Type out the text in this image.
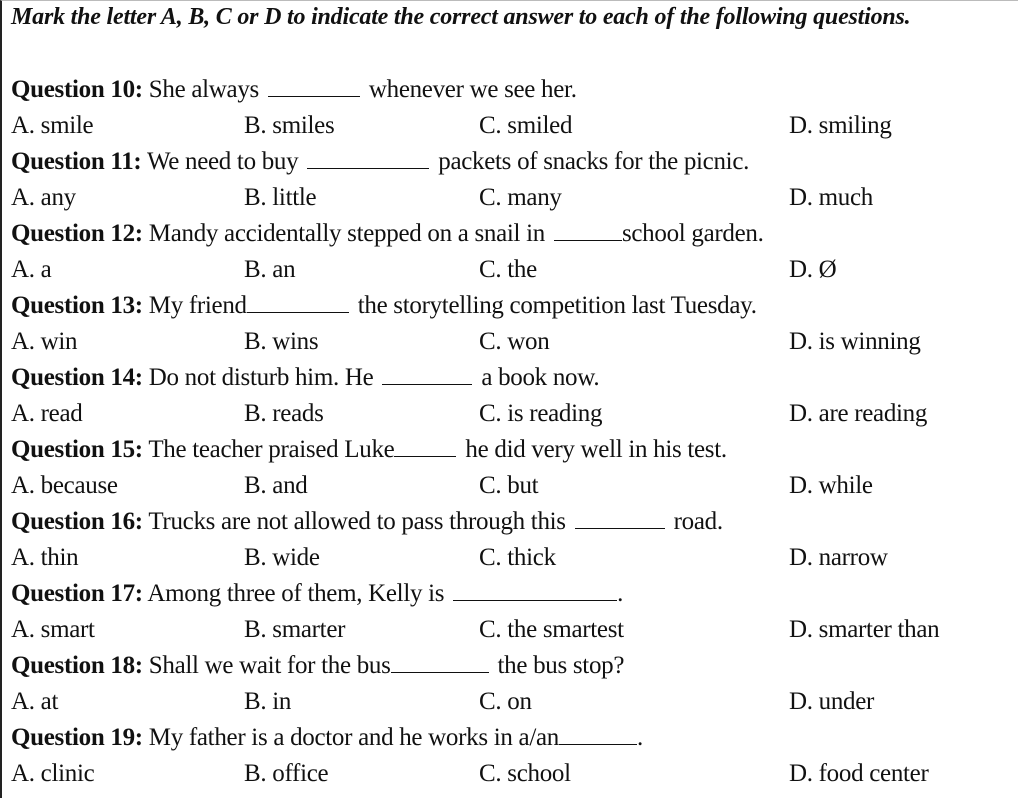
Mark the letter A, B, C or D to indicate the correct answer to each of the following questions.
Question 10: She always	whenever we see her.
A. smile	B. smiles	C. smiled	D. smiling
Question 11: We need to buy	packets of snacks for the picnic.
A. any	B. little	C. many	D. much
Question 12: Mandy accidentally stepped on a snail in	school garden.
A. a	B. an	C. the	D. Ø
Question 13: My friend	the storytelling competition last Tuesday.
A. win	B. wins	C. won	D. is winning
Question 14: Do not disturb him. He	a book now.
A. read	B. reads	C. is reading	D. are reading
Question 15: The teacher praised Luke	he did very well in his test.
A. because	B. and	C. but	D. while
Question 16: Trucks are not allowed to pass through this	road.
A. thin	B. wide	C. thick	D. narrow
Question 17: Among three of them, Kelly is	.
A. smart	B. smarter	C. the smartest	D. smarter than
Question 18: Shall we wait for the bus	the bus stop?
A. at	B. in	C. on	D. under
Question 19: My father is a doctor and he works in a/an	.
A. clinic	B. office	C. school	D. food center
